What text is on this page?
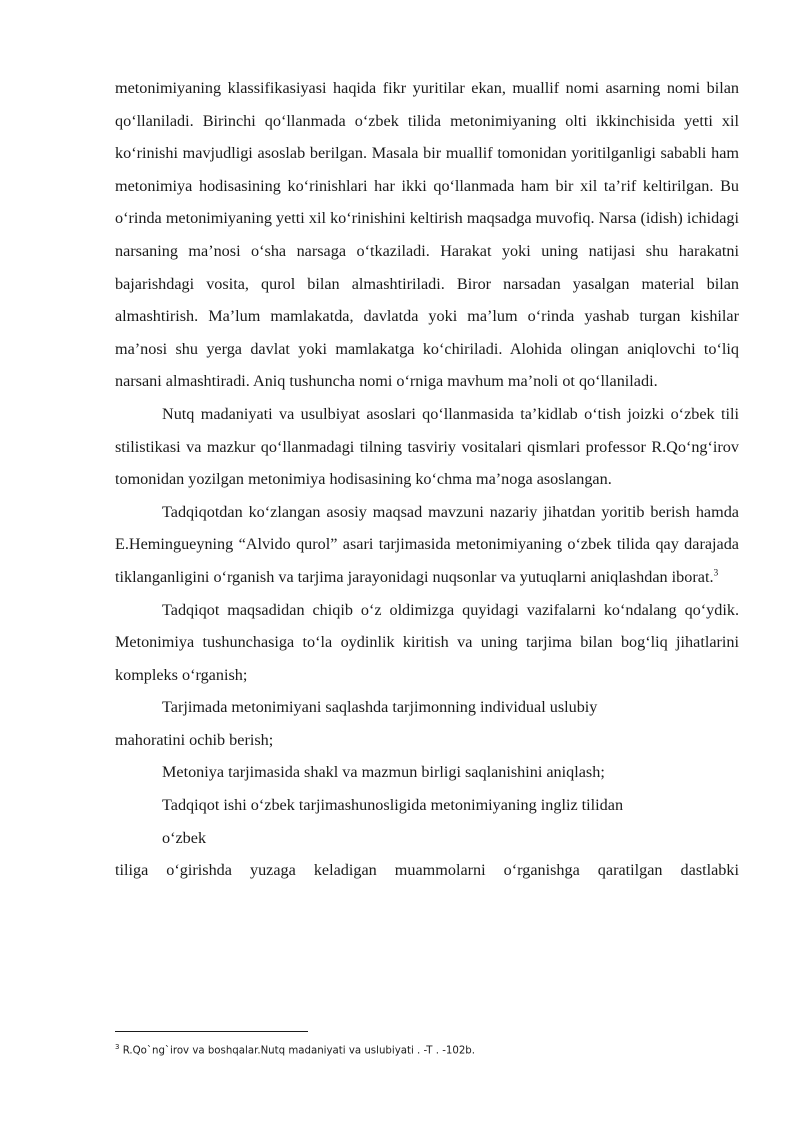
metonimiyaning klassifikasiyasi haqida fikr yuritilar ekan, muallif nomi asarning nomi bilan qo‘llaniladi. Birinchi qo‘llanmada o‘zbek tilida metonimiyaning olti ikkinchisida yetti xil ko‘rinishi mavjudligi asoslab berilgan. Masala bir muallif tomonidan yoritilganligi sababli ham metonimiya hodisasining ko‘rinishlari har ikki qo‘llanmada ham bir xil ta’rif keltirilgan. Bu o‘rinda metonimiyaning yetti xil ko‘rinishini keltirish maqsadga muvofiq. Narsa (idish) ichidagi narsaning ma’nosi o‘sha narsaga o‘tkaziladi. Harakat yoki uning natijasi shu harakatni bajarishdagi vosita, qurol bilan almashtiriladi. Biror narsadan yasalgan material bilan almashtirish. Ma’lum mamlakatda, davlatda yoki ma’lum o‘rinda yashab turgan kishilar ma’nosi shu yerga davlat yoki mamlakatga ko‘chiriladi. Alohida olingan aniqlovchi to‘liq narsani almashtiradi. Aniq tushuncha nomi o‘rniga mavhum ma’noli ot qo‘llaniladi.

Nutq madaniyati va usulbiyat asoslari qo‘llanmasida ta’kidlab o‘tish joizki o‘zbek tili stilistikasi va mazkur qo‘llanmadagi tilning tasviriy vositalari qismlari professor R.Qo‘ng‘irov tomonidan yozilgan metonimiya hodisasining ko‘chma ma’noga asoslangan.

Tadqiqotdan ko‘zlangan asosiy maqsad mavzuni nazariy jihatdan yoritib berish hamda E.Hemingueyning “Alvido qurol” asari tarjimasida metonimiyaning o‘zbek tilida qay darajada tiklanganligini o‘rganish va tarjima jarayonidagi nuqsonlar va yutuqlarni aniqlashdan iborat.$^3$

Tadqiqot maqsadidan chiqib o‘z oldimizga quyidagi vazifalarni ko‘ndalang qo‘ydik. Metonimiya tushunchasiga to‘la oydinlik kiritish va uning tarjima bilan bog‘liq jihatlarini kompleks o‘rganish;

Tarjimada metonimiyani saqlashda tarjimonning individual uslubiy

mahoratini ochib berish;

Metoniya tarjimasida shakl va mazmun birligi saqlanishini aniqlash;

Tadqiqot ishi o‘zbek tarjimashunosligida metonimiyaning ingliz tilidan

o‘zbek

tiliga o‘girishda yuzaga keladigan muammolarni o‘rganishga qaratilgan dastlabki

$^3$ R.Qo`ng`irov va boshqalar.Nutq madaniyati va uslubiyati . -T . -102b.
